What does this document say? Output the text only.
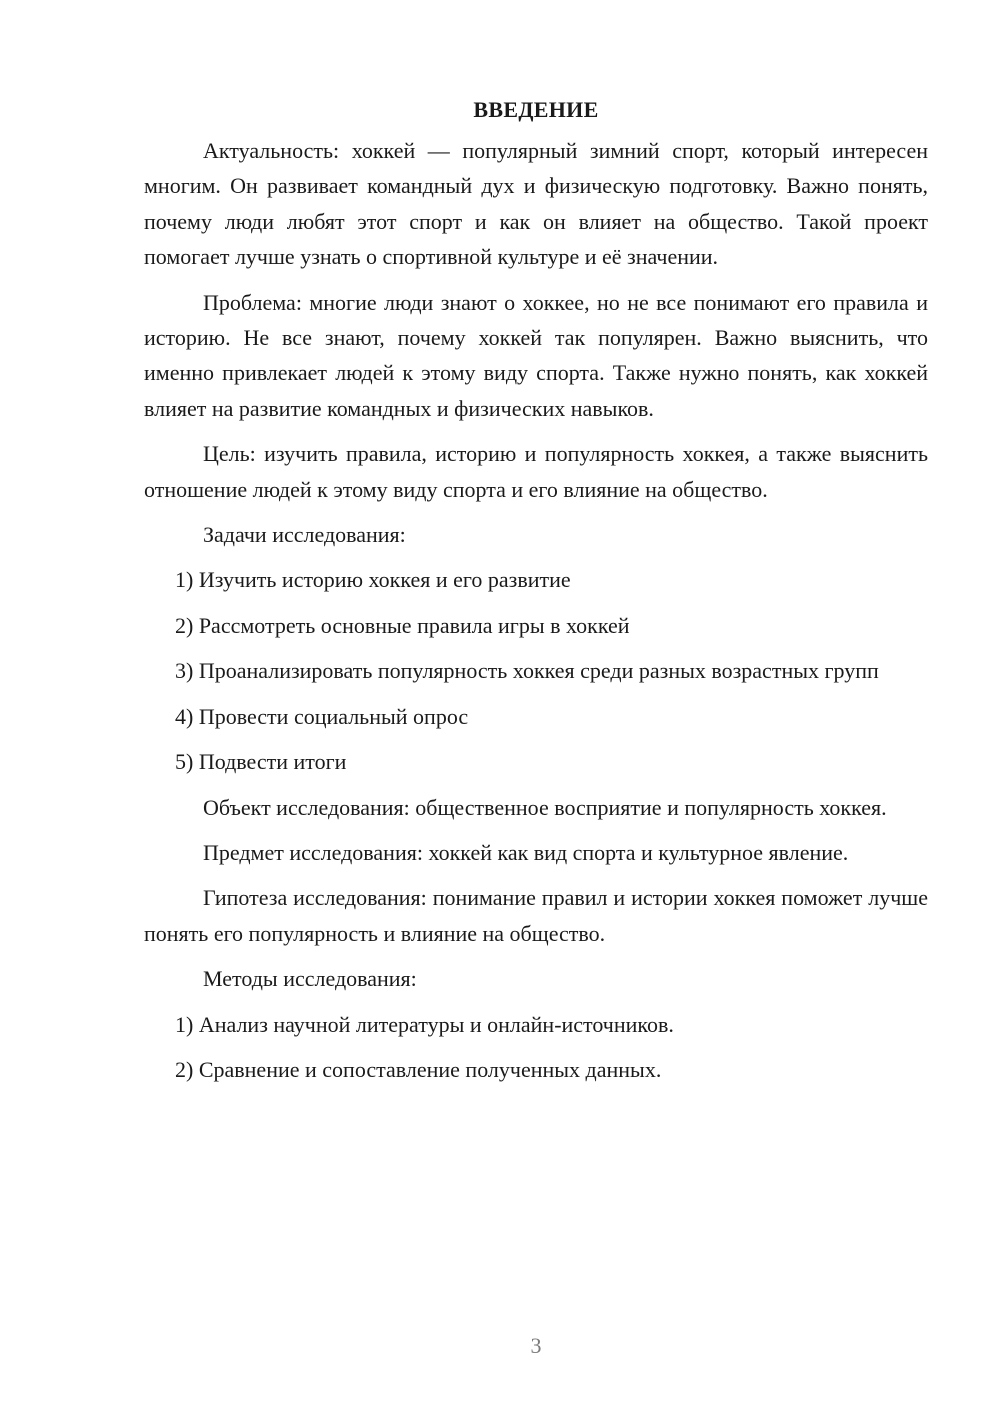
ВВЕДЕНИЕ

Актуальность: хоккей — популярный зимний спорт, который интересен многим. Он развивает командный дух и физическую подготовку. Важно понять, почему люди любят этот спорт и как он влияет на общество. Такой проект помогает лучше узнать о спортивной культуре и её значении.

Проблема: многие люди знают о хоккее, но не все понимают его правила и историю. Не все знают, почему хоккей так популярен. Важно выяснить, что именно привлекает людей к этому виду спорта. Также нужно понять, как хоккей влияет на развитие командных и физических навыков.

Цель: изучить правила, историю и популярность хоккея, а также выяснить отношение людей к этому виду спорта и его влияние на общество.

Задачи исследования:

1) Изучить историю хоккея и его развитие

2) Рассмотреть основные правила игры в хоккей

3) Проанализировать популярность хоккея среди разных возрастных групп

4) Провести социальный опрос

5) Подвести итоги

Объект исследования: общественное восприятие и популярность хоккея.

Предмет исследования: хоккей как вид спорта и культурное явление.

Гипотеза исследования: понимание правил и истории хоккея поможет лучше понять его популярность и влияние на общество.

Методы исследования:

1) Анализ научной литературы и онлайн-источников.

2) Сравнение и сопоставление полученных данных.

3
